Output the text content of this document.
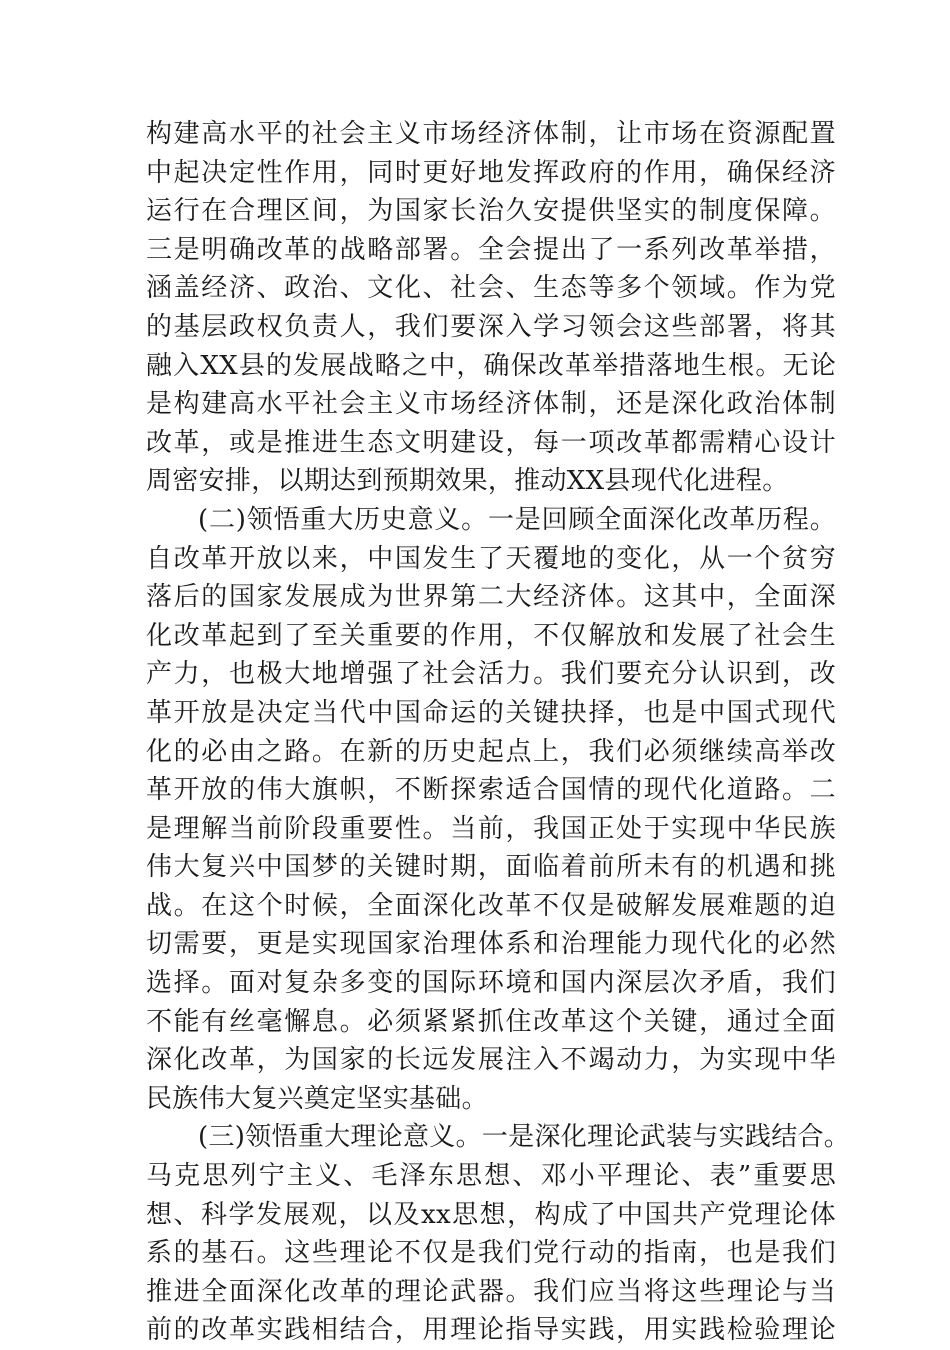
构建高水平的社会主义市场经济体制，让市场在资源配置
中起决定性作用，同时更好地发挥政府的作用，确保经济
运行在合理区间，为国家长治久安提供坚实的制度保障。
三是明确改革的战略部署。全会提出了一系列改革举措，
涵盖经济、政治、文化、社会、生态等多个领域。作为党
的基层政权负责人，我们要深入学习领会这些部署，将其
融入XX县的发展战略之中，确保改革举措落地生根。无论
是构建高水平社会主义市场经济体制，还是深化政治体制
改革，或是推进生态文明建设，每一项改革都需精心设计
周密安排，以期达到预期效果，推动XX县现代化进程。
(二)领悟重大历史意义。一是回顾全面深化改革历程。
自改革开放以来，中国发生了天覆地的变化，从一个贫穷
落后的国家发展成为世界第二大经济体。这其中，全面深
化改革起到了至关重要的作用，不仅解放和发展了社会生
产力，也极大地增强了社会活力。我们要充分认识到，改
革开放是决定当代中国命运的关键抉择，也是中国式现代
化的必由之路。在新的历史起点上，我们必须继续高举改
革开放的伟大旗帜，不断探索适合国情的现代化道路。二
是理解当前阶段重要性。当前，我国正处于实现中华民族
伟大复兴中国梦的关键时期，面临着前所未有的机遇和挑
战。在这个时候，全面深化改革不仅是破解发展难题的迫
切需要，更是实现国家治理体系和治理能力现代化的必然
选择。面对复杂多变的国际环境和国内深层次矛盾，我们
不能有丝毫懈息。必须紧紧抓住改革这个关键，通过全面
深化改革，为国家的长远发展注入不竭动力，为实现中华
民族伟大复兴奠定坚实基础。
(三)领悟重大理论意义。一是深化理论武装与实践结合。
马克思列宁主义、毛泽东思想、邓小平理论、表”重要思
想、科学发展观，以及xx思想，构成了中国共产党理论体
系的基石。这些理论不仅是我们党行动的指南，也是我们
推进全面深化改革的理论武器。我们应当将这些理论与当
前的改革实践相结合，用理论指导实践，用实践检验理论
